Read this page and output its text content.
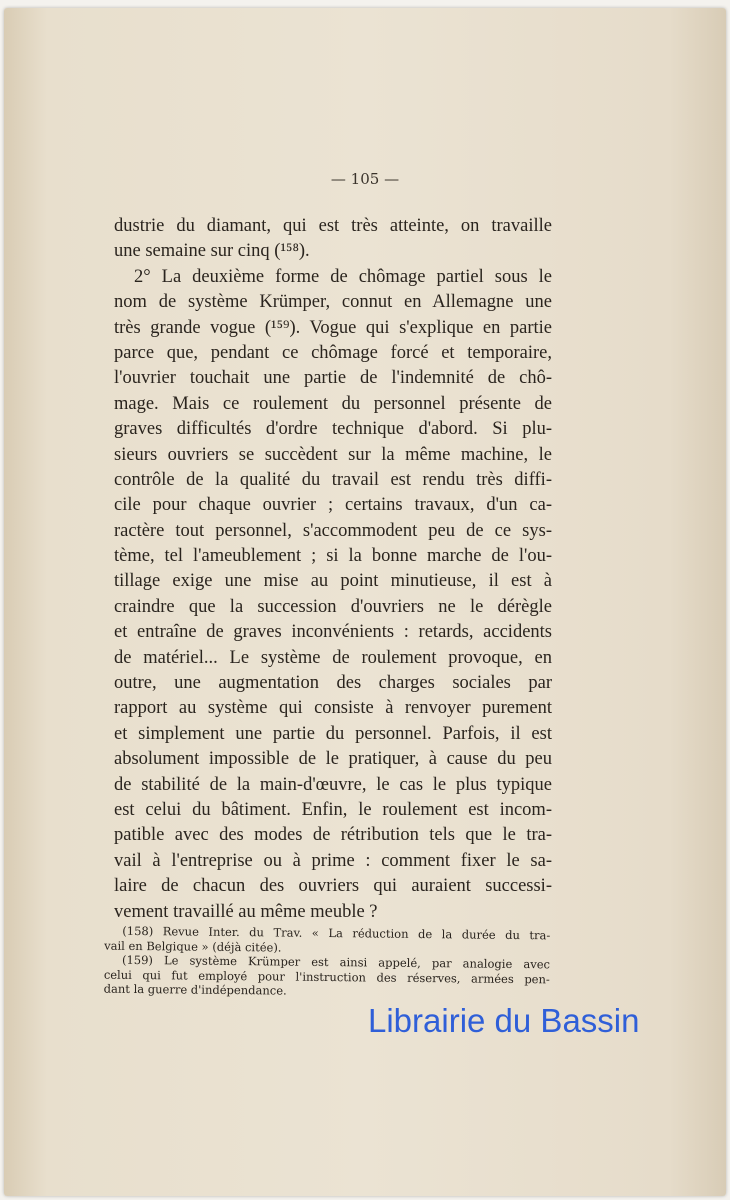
— 105 —
dustrie du diamant, qui est très atteinte, on travaille
une semaine sur cinq (¹⁵⁸).
2° La deuxième forme de chômage partiel sous le
nom de système Krümper, connut en Allemagne une
très grande vogue (¹⁵⁹). Vogue qui s'explique en partie
parce que, pendant ce chômage forcé et temporaire,
l'ouvrier touchait une partie de l'indemnité de chô-
mage. Mais ce roulement du personnel présente de
graves difficultés d'ordre technique d'abord. Si plu-
sieurs ouvriers se succèdent sur la même machine, le
contrôle de la qualité du travail est rendu très diffi-
cile pour chaque ouvrier ; certains travaux, d'un ca-
ractère tout personnel, s'accommodent peu de ce sys-
tème, tel l'ameublement ; si la bonne marche de l'ou-
tillage exige une mise au point minutieuse, il est à
craindre que la succession d'ouvriers ne le dérègle
et entraîne de graves inconvénients : retards, accidents
de matériel... Le système de roulement provoque, en
outre, une augmentation des charges sociales par
rapport au système qui consiste à renvoyer purement
et simplement une partie du personnel. Parfois, il est
absolument impossible de le pratiquer, à cause du peu
de stabilité de la main-d'œuvre, le cas le plus typique
est celui du bâtiment. Enfin, le roulement est incom-
patible avec des modes de rétribution tels que le tra-
vail à l'entreprise ou à prime : comment fixer le sa-
laire de chacun des ouvriers qui auraient successi-
vement travaillé au même meuble ?
(158) Revue Inter. du Trav. « La réduction de la durée du tra-
vail en Belgique » (déjà citée).
(159) Le système Krümper est ainsi appelé, par analogie avec
celui qui fut employé pour l'instruction des réserves, armées pen-
dant la guerre d'indépendance.
Librairie du Bassin
